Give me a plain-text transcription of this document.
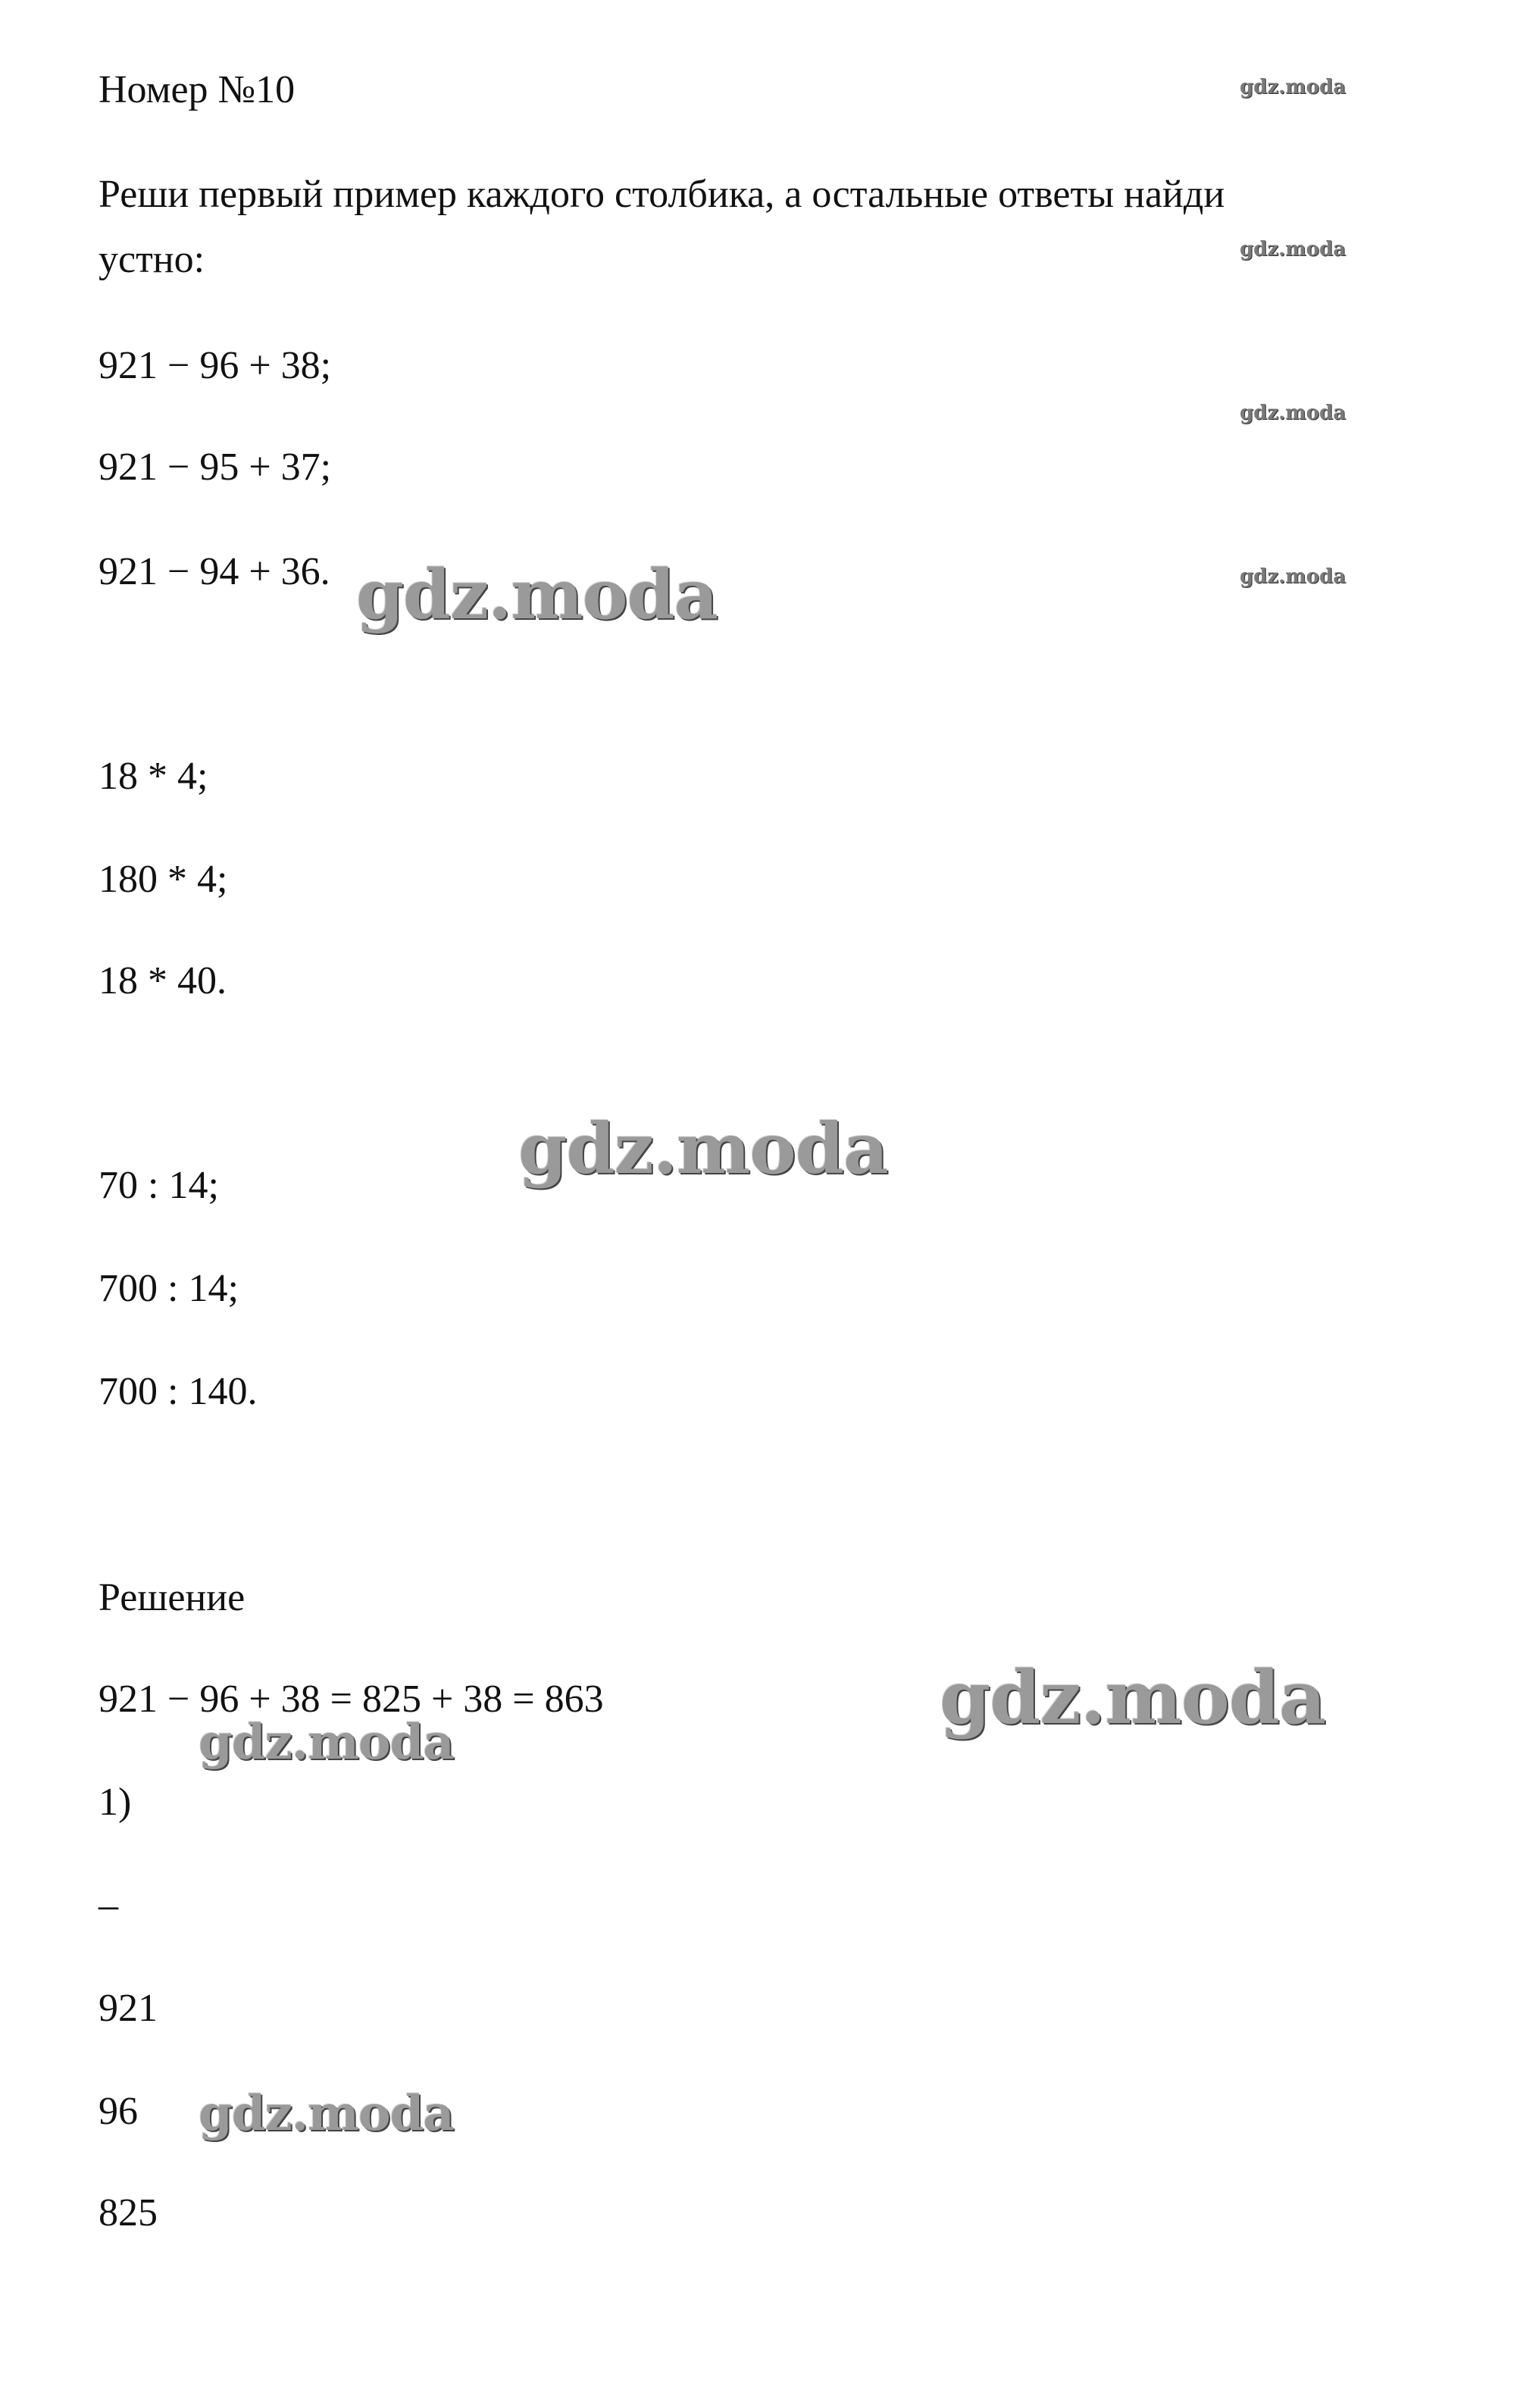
Номер №10
Реши первый пример каждого столбика, а остальные ответы найди
устно:
921 − 96 + 38;
921 − 95 + 37;
921 − 94 + 36.
18 * 4;
180 * 4;
18 * 40.
70 : 14;
700 : 14;
700 : 140.
Решение
921 − 96 + 38 = 825 + 38 = 863
1)
–
921
96
825
gdz.moda
gdz.moda
gdz.moda
gdz.moda
gdz.moda
gdz.moda
gdz.moda
gdz.moda
gdz.moda
